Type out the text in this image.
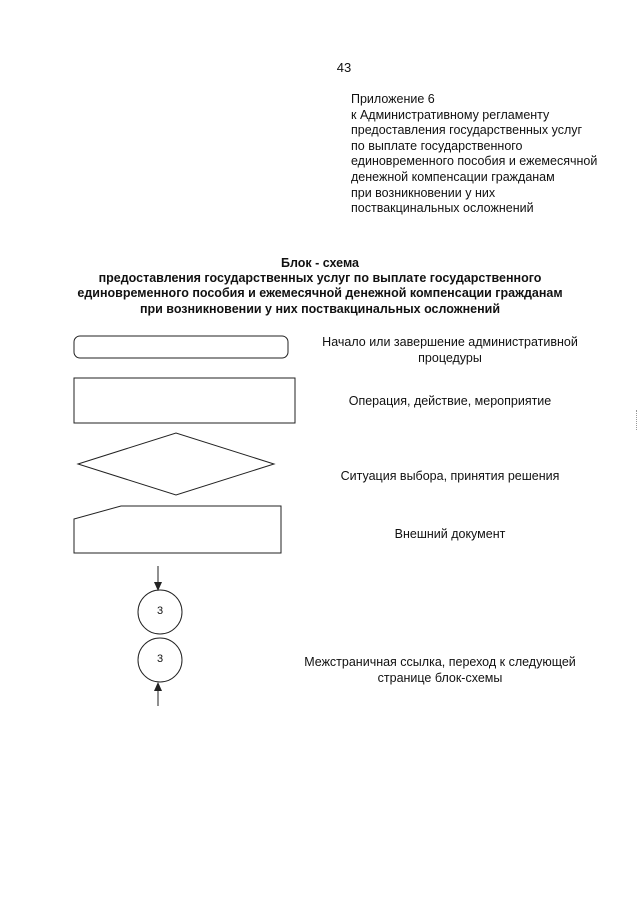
43
Приложение 6
к Административному регламенту
предоставления государственных услуг
по выплате государственного
единовременного пособия и ежемесячной
денежной компенсации гражданам
при возникновении у них
поствакцинальных осложнений
Блок - схема
предоставления государственных услуг по выплате государственного
единовременного пособия и ежемесячной денежной компенсации гражданам
при возникновении у них поствакцинальных осложнений
3
3
Начало или завершение административной
процедуры
Операция, действие, мероприятие
Ситуация выбора, принятия решения
Внешний документ
Межстраничная ссылка, переход к следующей
странице блок-схемы
